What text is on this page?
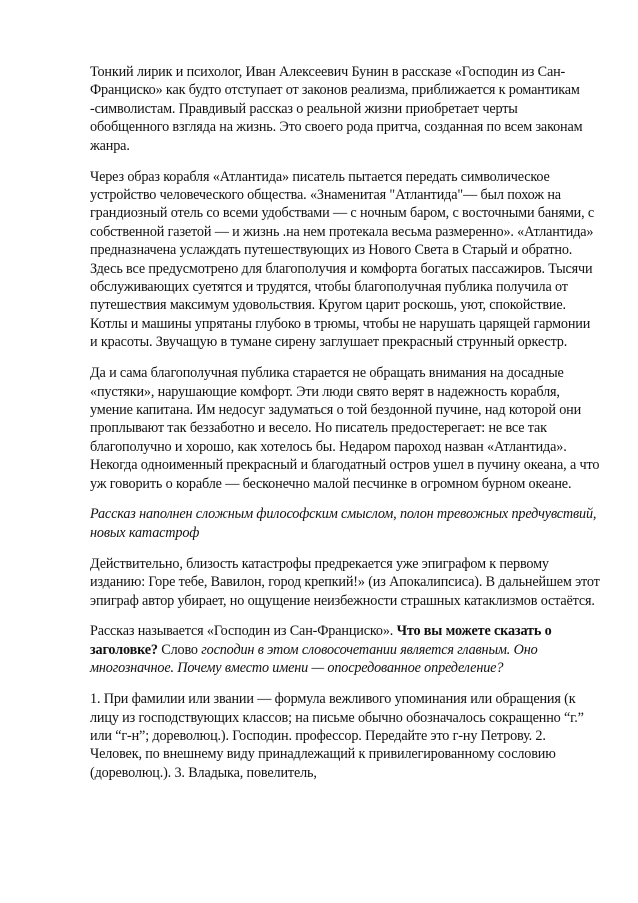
Тонкий лирик и психолог, Иван Алексеевич Бунин в рассказе «Господин из Сан-Франциско» как будто отступает от законов реализма, приближается к романтикам -символистам. Правдивый рассказ о реальной жизни приобретает черты обобщенного взгляда на жизнь. Это своего рода притча, созданная по всем законам жанра.

Через образ корабля «Атлантида» писатель пытается передать символическое устройство человеческого общества. «Знаменитая "Атлантида"— был похож на грандиозный отель со всеми удобствами — с ночным баром, с восточными банями, с собственной газетой — и жизнь .на нем протекала весьма размеренно». «Атлантида» предназначена услаждать путешествующих из Нового Света в Старый и обратно. Здесь все предусмотрено для благополучия и комфорта богатых пассажиров. Тысячи обслуживающих суетятся и трудятся, чтобы благополучная публика получила от путешествия максимум удовольствия. Кругом царит роскошь, уют, спокойствие. Котлы и машины упрятаны глубоко в трюмы, чтобы не нарушать царящей гармонии и красоты. Звучащую в тумане сирену заглушает прекрасный струнный оркестр.

Да и сама благополучная публика старается не обращать внимания на досадные «пустяки», нарушающие комфорт. Эти люди свято верят в надежность корабля, умение капитана. Им недосуг задуматься о той бездонной пучине, над которой они проплывают так беззаботно и весело. Но писатель предостерегает: не все так благополучно и хорошо, как хотелось бы. Недаром пароход назван «Атлантида». Некогда одноименный прекрасный и благодатный остров ушел в пучину океана, а что уж говорить о корабле — бесконечно малой песчинке в огромном бурном океане.

Рассказ наполнен сложным философским смыслом, полон тревожных предчувствий, новых катастроф

Действительно, близость катастрофы предрекается уже эпиграфом к первому изданию: Горе тебе, Вавилон, город крепкий!» (из Апокалипсиса). В дальнейшем этот эпиграф автор убирает, но ощущение неизбежности страшных катаклизмов остаётся.

Рассказ называется «Господин из Сан-Франциско». Что вы можете сказать о заголовке? Слово господин в этом словосочетании является главным. Оно многозначное. Почему вместо имени — опосредованное определение?

1. При фамилии или звании — формула вежливого упоминания или обращения (к лицу из господствующих классов; на письме обычно обозначалось сокращенно “г.” или “г-н”; дореволюц.). Господин. профессор. Передайте это г-ну Петрову. 2. Человек, по внешнему виду принадлежащий к привилегированному сословию (дореволюц.). 3. Владыка, повелитель,
